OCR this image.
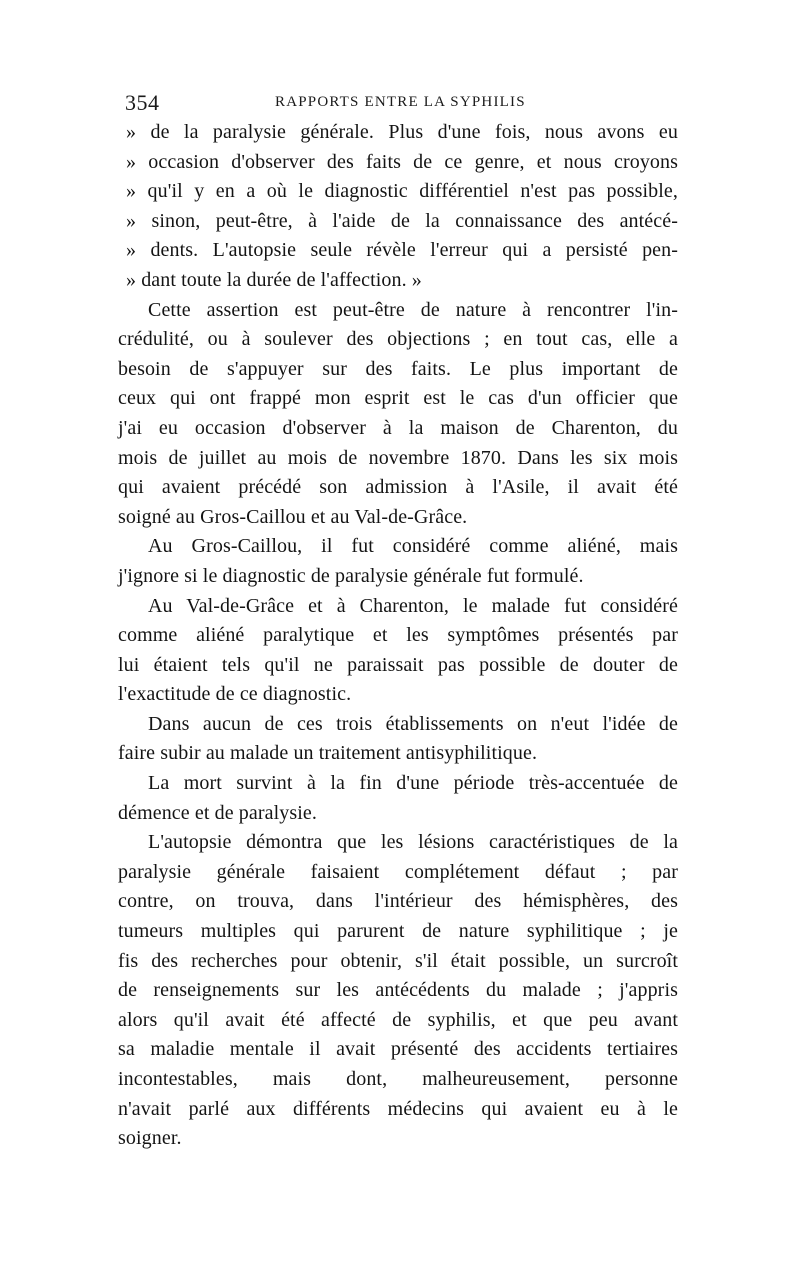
354	RAPPORTS ENTRE LA SYPHILIS
» de la paralysie générale. Plus d'une fois, nous avons eu
» occasion d'observer des faits de ce genre, et nous croyons
» qu'il y en a où le diagnostic différentiel n'est pas possible,
» sinon, peut-être, à l'aide de la connaissance des antécé-
» dents. L'autopsie seule révèle l'erreur qui a persisté pen-
» dant toute la durée de l'affection. »
Cette assertion est peut-être de nature à rencontrer l'in-
crédulité, ou à soulever des objections ; en tout cas, elle a
besoin de s'appuyer sur des faits. Le plus important de
ceux qui ont frappé mon esprit est le cas d'un officier que
j'ai eu occasion d'observer à la maison de Charenton, du
mois de juillet au mois de novembre 1870. Dans les six mois
qui avaient précédé son admission à l'Asile, il avait été
soigné au Gros-Caillou et au Val-de-Grâce.
Au Gros-Caillou, il fut considéré comme aliéné, mais
j'ignore si le diagnostic de paralysie générale fut formulé.
Au Val-de-Grâce et à Charenton, le malade fut considéré
comme aliéné paralytique et les symptômes présentés par
lui étaient tels qu'il ne paraissait pas possible de douter de
l'exactitude de ce diagnostic.
Dans aucun de ces trois établissements on n'eut l'idée de
faire subir au malade un traitement antisyphilitique.
La mort survint à la fin d'une période très-accentuée de
démence et de paralysie.
L'autopsie démontra que les lésions caractéristiques de la
paralysie générale faisaient complétement défaut ; par
contre, on trouva, dans l'intérieur des hémisphères, des
tumeurs multiples qui parurent de nature syphilitique ; je
fis des recherches pour obtenir, s'il était possible, un surcroît
de renseignements sur les antécédents du malade ; j'appris
alors qu'il avait été affecté de syphilis, et que peu avant
sa maladie mentale il avait présenté des accidents tertiaires
incontestables, mais dont, malheureusement, personne
n'avait parlé aux différents médecins qui avaient eu à le
soigner.
